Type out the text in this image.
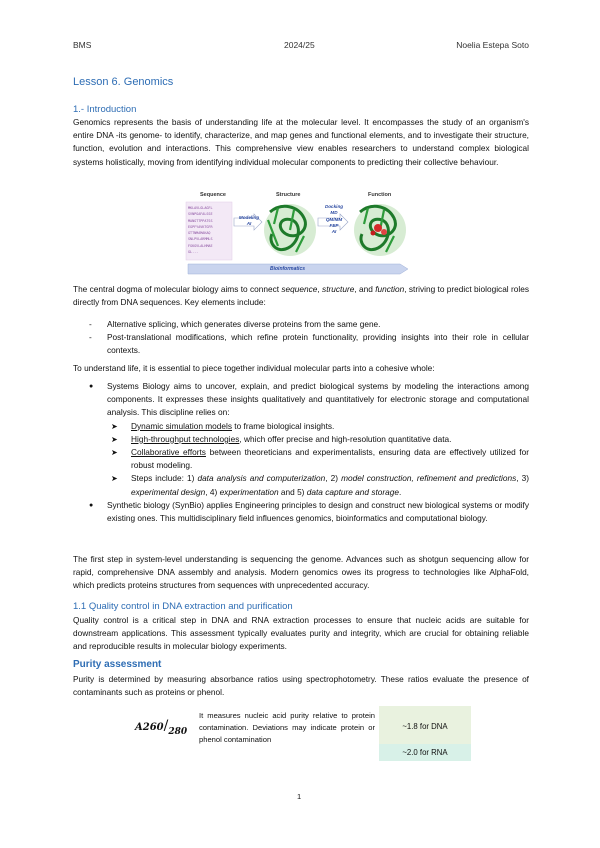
BMS	2024/25	Noelia Estepa Soto
Lesson 6. Genomics
1.- Introduction

Genomics represents the basis of understanding life at the molecular level. It encompasses the study of an organism's entire DNA -its genome- to identify, characterize, and map genes and functional elements, and to investigate their structure, function, evolution and interactions. This comprehensive view enables researchers to understand complex biological systems holistically, moving from identifying individual molecular components to predicting their collective behaviour.

Sequence	Structure	Function
MKLAVLGLAGFL
SVNPGAFALSSE
MANGTTPPATSS
EGPFYAVKTGFR
GTTNMAMAKAQ
SNLPVLARMMLS
FGKGVLALHMAE
GL...
Modeling
AI
Docking
MD
QM/MM
FEP
AI
Bioinformatics

The central dogma of molecular biology aims to connect sequence, structure, and function, striving to predict biological roles directly from DNA sequences. Key elements include:

- Alternative splicing, which generates diverse proteins from the same gene.
- Post-translational modifications, which refine protein functionality, providing insights into their role in cellular contexts.

To understand life, it is essential to piece together individual molecular parts into a cohesive whole:

● Systems Biology aims to uncover, explain, and predict biological systems by modeling the interactions among components. It expresses these insights qualitatively and quantitatively for electronic storage and computational analysis. This discipline relies on:
➤ Dynamic simulation models to frame biological insights.
➤ High-throughput technologies, which offer precise and high-resolution quantitative data.
➤ Collaborative efforts between theoreticians and experimentalists, ensuring data are effectively utilized for robust modeling.
➤ Steps include: 1) data analysis and computerization, 2) model construction, refinement and predictions, 3) experimental design, 4) experimentation and 5) data capture and storage.
● Synthetic biology (SynBio) applies Engineering principles to design and construct new biological systems or modify existing ones. This multidisciplinary field influences genomics, bioinformatics and computational biology.

The first step in system-level understanding is sequencing the genome. Advances such as shotgun sequencing allow for rapid, comprehensive DNA assembly and analysis. Modern genomics owes its progress to technologies like AlphaFold, which predicts proteins structures from sequences with unprecedented accuracy.

1.1 Quality control in DNA extraction and purification

Quality control is a critical step in DNA and RNA extraction processes to ensure that nucleic acids are suitable for downstream applications. This assessment typically evaluates purity and integrity, which are crucial for obtaining reliable and reproducible results in molecular biology experiments.

Purity assessment

Purity is determined by measuring absorbance ratios using spectrophotometry. These ratios evaluate the presence of contaminants such as proteins or phenol.

A260/280
It measures nucleic acid purity relative to protein contamination. Deviations may indicate protein or phenol contamination
~1.8 for DNA
~2.0 for RNA
1
